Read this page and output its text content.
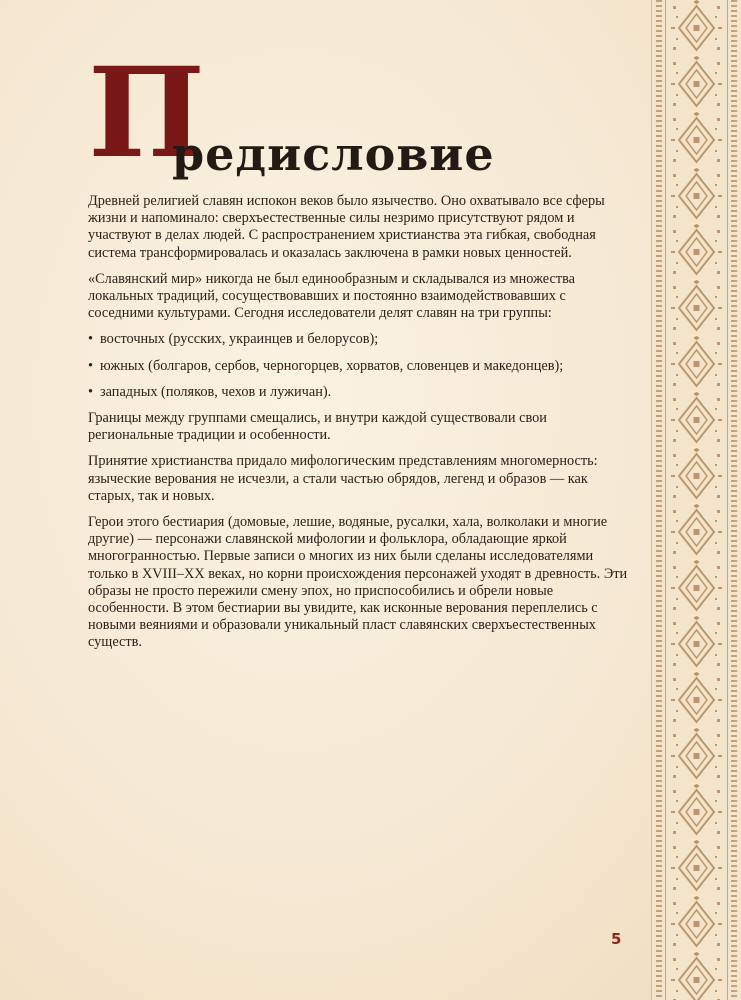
П
редисловие

Древней религией славян испокон веков было язычество. Оно охватывало все сферы жизни и напоминало: сверхъестественные силы незримо присутствуют рядом и участвуют в делах людей. С распространением христианства эта гибкая, свободная система трансформировалась и оказалась заключена в рамки новых ценностей.

«Славянский мир» никогда не был единообразным и складывался из множества локальных традиций, сосуществовавших и постоянно взаимодействовавших с соседними культурами. Сегодня исследователи делят славян на три группы:

• восточных (русских, украинцев и белорусов);
• южных (болгаров, сербов, черногорцев, хорватов, словенцев и македонцев);
• западных (поляков, чехов и лужичан).

Границы между группами смещались, и внутри каждой существовали свои региональные традиции и особенности.

Принятие христианства придало мифологическим представлениям многомерность: языческие верования не исчезли, а стали частью обрядов, легенд и образов — как старых, так и новых.

Герои этого бестиария (домовые, лешие, водяные, русалки, хала, волколаки и многие другие) — персонажи славянской мифологии и фольклора, обладающие яркой многогранностью. Первые записи о многих из них были сделаны исследователями только в XVIII–XX веках, но корни происхождения персонажей уходят в древность. Эти образы не просто пережили смену эпох, но приспособились и обрели новые особенности. В этом бестиарии вы увидите, как исконные верования переплелись с новыми веяниями и образовали уникальный пласт славянских сверхъестественных существ.

5
